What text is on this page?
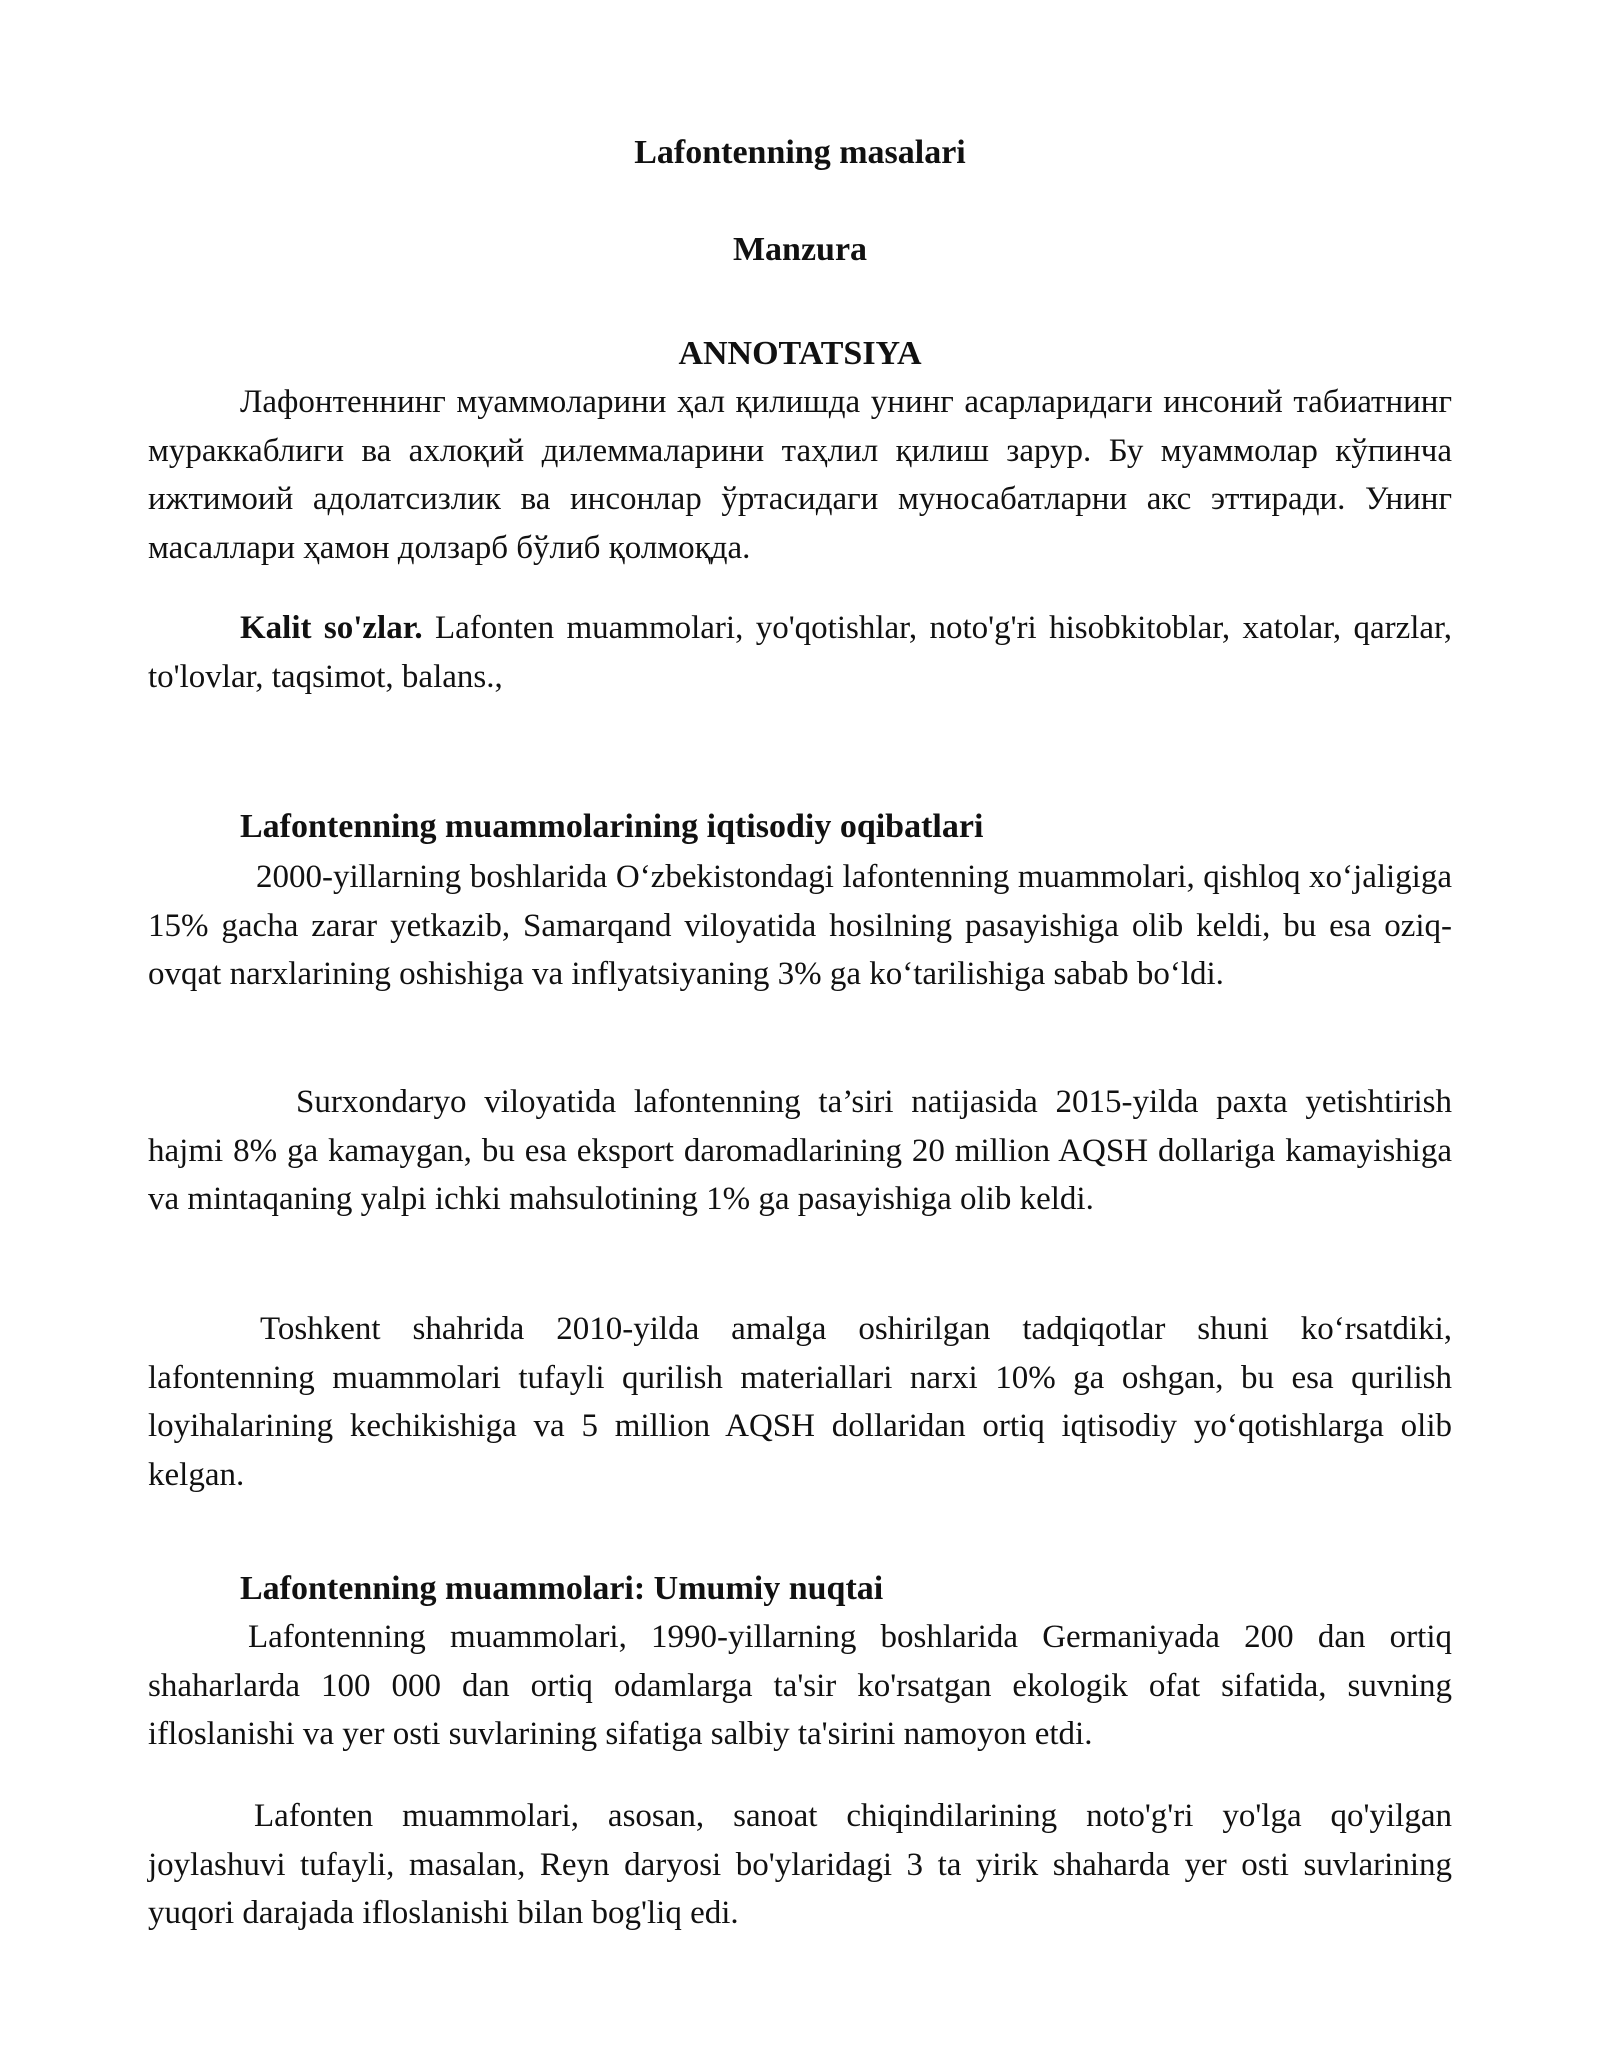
Lafontenning masalari
Manzura
ANNOTATSIYA

Лафонтеннинг муаммоларини ҳал қилишда унинг асарларидаги инсоний табиатнинг мураккаблиги ва ахлоқий дилеммаларини таҳлил қилиш зарур. Бу муаммолар кўпинча ижтимоий адолатсизлик ва инсонлар ўртасидаги муносабатларни акс эттиради. Унинг масаллари ҳамон долзарб бўлиб қолмоқда.

Kalit so'zlar. Lafonten muammolari, yo'qotishlar, noto'g'ri hisobkitoblar, xatolar, qarzlar, to'lovlar, taqsimot, balans.,

Lafontenning muammolarining iqtisodiy oqibatlari

2000-yillarning boshlarida Oʻzbekistondagi lafontenning muammolari, qishloq xoʻjaligiga 15% gacha zarar yetkazib, Samarqand viloyatida hosilning pasayishiga olib keldi, bu esa oziq-ovqat narxlarining oshishiga va inflyatsiyaning 3% ga koʻtarilishiga sabab boʻldi.

Surxondaryo viloyatida lafontenning ta’siri natijasida 2015-yilda paxta yetishtirish hajmi 8% ga kamaygan, bu esa eksport daromadlarining 20 million AQSH dollariga kamayishiga va mintaqaning yalpi ichki mahsulotining 1% ga pasayishiga olib keldi.

Toshkent shahrida 2010-yilda amalga oshirilgan tadqiqotlar shuni koʻrsatdiki, lafontenning muammolari tufayli qurilish materiallari narxi 10% ga oshgan, bu esa qurilish loyihalarining kechikishiga va 5 million AQSH dollaridan ortiq iqtisodiy yoʻqotishlarga olib kelgan.

Lafontenning muammolari: Umumiy nuqtai

Lafontenning muammolari, 1990-yillarning boshlarida Germaniyada 200 dan ortiq shaharlarda 100 000 dan ortiq odamlarga ta'sir ko'rsatgan ekologik ofat sifatida, suvning ifloslanishi va yer osti suvlarining sifatiga salbiy ta'sirini namoyon etdi.

Lafonten muammolari, asosan, sanoat chiqindilarining noto'g'ri yo'lga qo'yilgan joylashuvi tufayli, masalan, Reyn daryosi bo'ylaridagi 3 ta yirik shaharda yer osti suvlarining yuqori darajada ifloslanishi bilan bog'liq edi.
